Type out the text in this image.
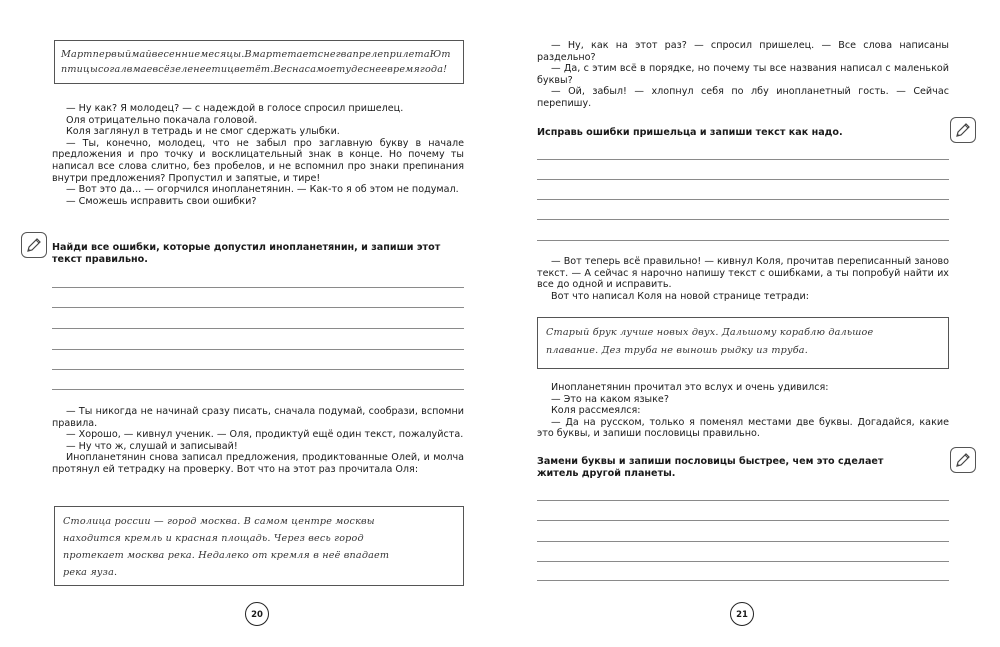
Мартпервыймайвесенниемесяцы.ВмартетаетснегвапрелеприлетаЮт
птицысогалвмаевсёзеленеетицветёт.Веснасамоетудеснеевремягода!

— Ну как? Я молодец? — с надеждой в голосе спросил пришелец.

Оля отрицательно покачала головой.

Коля заглянул в тетрадь и не смог сдержать улыбки.

— Ты, конечно, молодец, что не забыл про заглавную букву в начале предложения и про точку и восклицательный знак в конце. Но почему ты написал все слова слитно, без пробелов, и не вспомнил про знаки препинания внутри предложения? Пропустил и запятые, и тире!

— Вот это да... — огорчился инопланетянин. — Как-то я об этом не подумал.

— Сможешь исправить свои ошибки?

Найди все ошибки, которые допустил инопланетянин, и запиши этот текст правильно.

— Ты никогда не начинай сразу писать, сначала подумай, сообрази, вспомни правила.

— Хорошо, — кивнул ученик. — Оля, продиктуй ещё один текст, пожалуйста.

— Ну что ж, слушай и записывай!

Инопланетянин снова записал предложения, продиктованные Олей, и молча протянул ей тетрадку на проверку. Вот что на этот раз прочитала Оля:

Столица россии — город москва. В самом центре москвы
находится кремль и красная площадь. Через весь город
протекает москва река. Недалеко от кремля в неё впадает
река яуза.
20

— Ну, как на этот раз? — спросил пришелец. — Все слова написаны раздельно?

— Да, с этим всё в порядке, но почему ты все названия написал с маленькой буквы?

— Ой, забыл! — хлопнул себя по лбу инопланетный гость. — Сейчас перепишу.

Исправь ошибки пришельца и запиши текст как надо.

— Вот теперь всё правильно! — кивнул Коля, прочитав переписанный заново текст. — А сейчас я нарочно напишу текст с ошибками, а ты попробуй найти их все до одной и исправить.

Вот что написал Коля на новой странице тетради:

Старый брук лучше новых двух. Дальшому кораблю дальшое
плавание. Дез труба не выношь рыдку из труба.

Инопланетянин прочитал это вслух и очень удивился:

— Это на каком языке?

Коля рассмеялся:

— Да на русском, только я поменял местами две буквы. Догадайся, какие это буквы, и запиши пословицы правильно.

Замени буквы и запиши пословицы быстрее, чем это сделает житель другой планеты.
21
